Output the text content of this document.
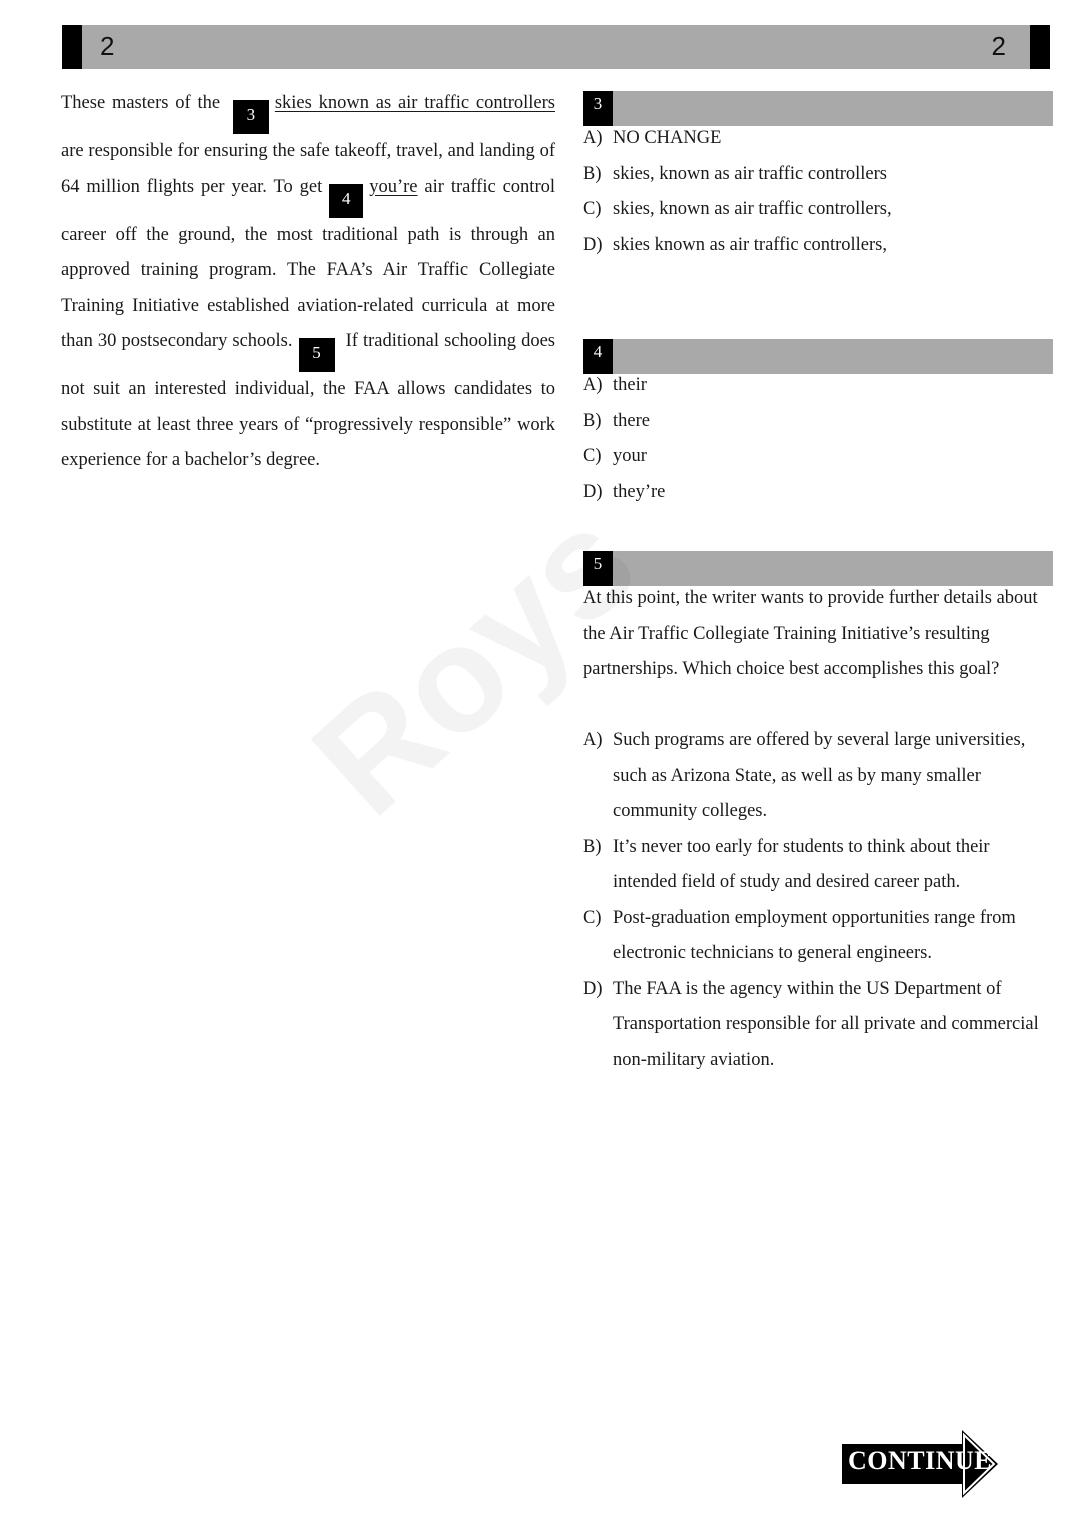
2	2

These masters of the 3skies known as air traffic controllers are responsible for ensuring the safe takeoff, travel, and landing of 64 million flights per year. To get 4you’re air traffic control career off the ground, the most traditional path is through an approved training program. The FAA’s Air Traffic Collegiate Training Initiative established aviation-related curricula at more than 30 postsecondary schools.5 If traditional schooling does not suit an interested individual, the FAA allows candidates to substitute at least three years of “progressively responsible” work experience for a bachelor’s degree.

3
A) NO CHANGE
B) skies, known as air traffic controllers
C) skies, known as air traffic controllers,
D) skies known as air traffic controllers,
4
A) their
B) there
C) your
D) they’re
5

At this point, the writer wants to provide further details about the Air Traffic Collegiate Training Initiative’s resulting partnerships. Which choice best accomplishes this goal?

A) Such programs are offered by several large universities, such as Arizona State, as well as by many smaller community colleges.
B) It’s never too early for students to think about their intended field of study and desired career path.
C) Post-graduation employment opportunities range from electronic technicians to general engineers.
D) The FAA is the agency within the US Department of Transportation responsible for all private and commercial non-military aviation.
CONTINUE
